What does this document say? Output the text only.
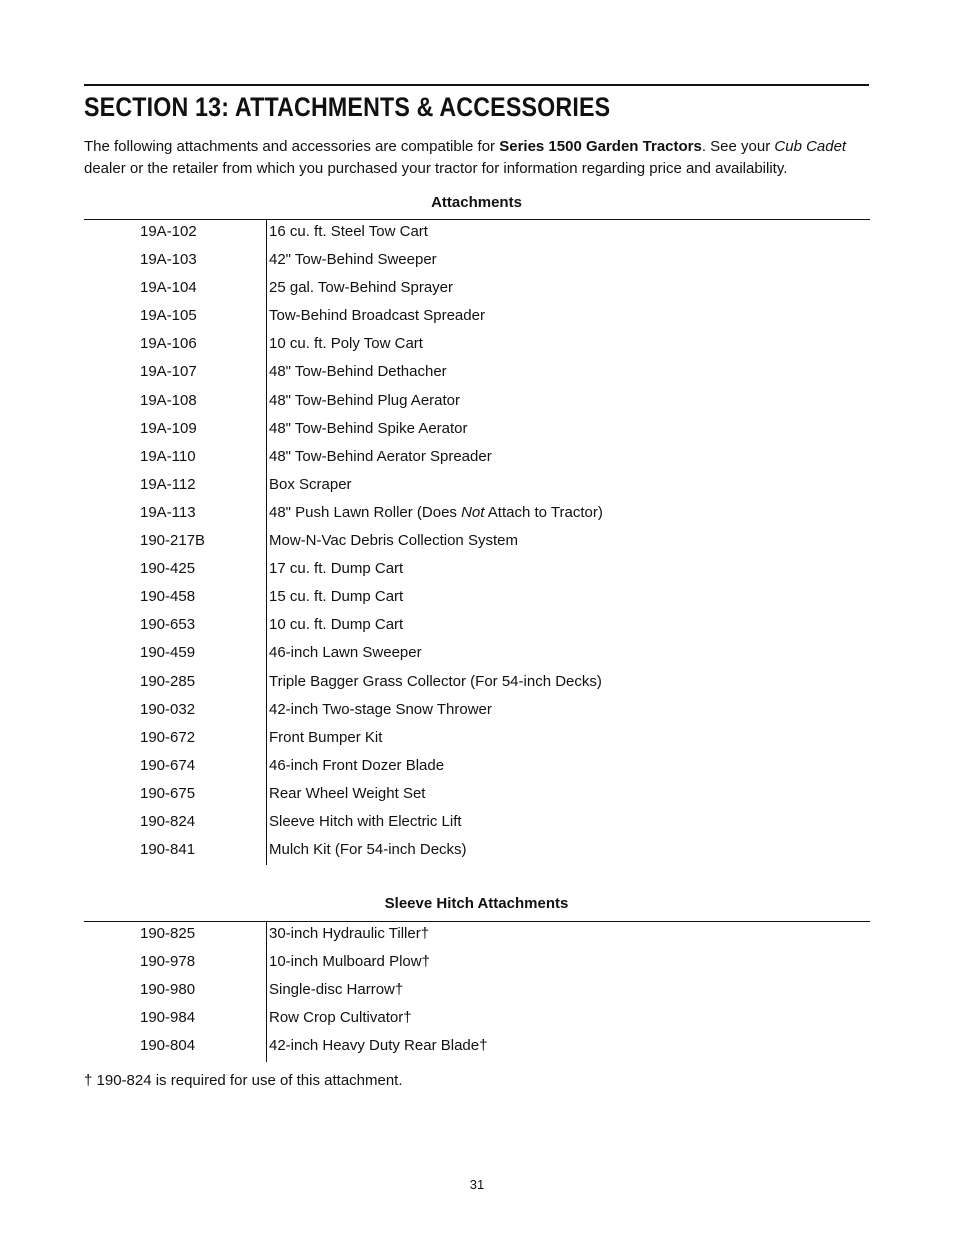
SECTION 13: ATTACHMENTS & ACCESSORIES

The following attachments and accessories are compatible for Series 1500 Garden Tractors. See your Cub Cadet dealer or the retailer from which you purchased your tractor for information regarding price and availability.

Attachments
19A-102	16 cu. ft. Steel Tow Cart
19A-103	42" Tow-Behind Sweeper
19A-104	25 gal. Tow-Behind Sprayer
19A-105	Tow-Behind Broadcast Spreader
19A-106	10 cu. ft. Poly Tow Cart
19A-107	48" Tow-Behind Dethacher
19A-108	48" Tow-Behind Plug Aerator
19A-109	48" Tow-Behind Spike Aerator
19A-110	48" Tow-Behind Aerator Spreader
19A-112	Box Scraper
19A-113	48" Push Lawn Roller (Does Not Attach to Tractor)
190-217B	Mow-N-Vac Debris Collection System
190-425	17 cu. ft. Dump Cart
190-458	15 cu. ft. Dump Cart
190-653	10 cu. ft. Dump Cart
190-459	46-inch Lawn Sweeper
190-285	Triple Bagger Grass Collector (For 54-inch Decks)
190-032	42-inch Two-stage Snow Thrower
190-672	Front Bumper Kit
190-674	46-inch Front Dozer Blade
190-675	Rear Wheel Weight Set
190-824	Sleeve Hitch with Electric Lift
190-841	Mulch Kit (For 54-inch Decks)
Sleeve Hitch Attachments
190-825	30-inch Hydraulic Tiller†
190-978	10-inch Mulboard Plow†
190-980	Single-disc Harrow†
190-984	Row Crop Cultivator†
190-804	42-inch Heavy Duty Rear Blade†

† 190-824 is required for use of this attachment.

31
